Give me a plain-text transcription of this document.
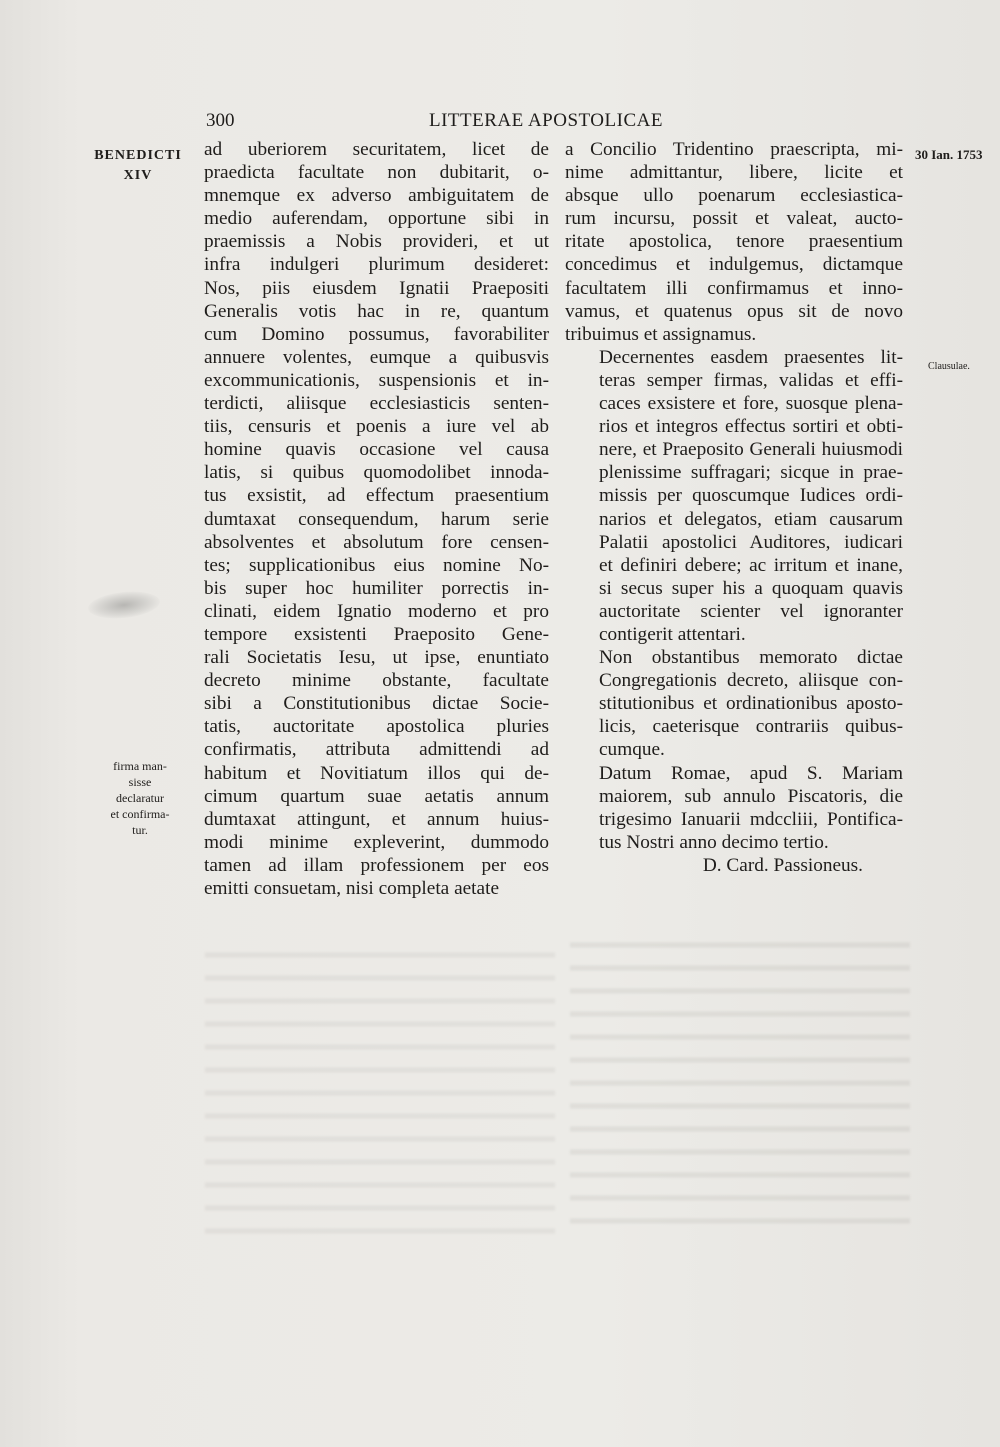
300	LITTERAE APOSTOLICAE
BENEDICTI
XIV
firma man-
sisse
declaratur
et confirma-
tur.
30 Ian. 1753
Clausulae.

ad uberiorem securitatem, licet de
praedicta facultate non dubitarit, o-
mnemque ex adverso ambiguitatem de
medio auferendam, opportune sibi in
praemissis a Nobis provideri, et ut
infra indulgeri plurimum desideret:
Nos, piis eiusdem Ignatii Praepositi
Generalis votis hac in re, quantum
cum Domino possumus, favorabiliter
annuere volentes, eumque a quibusvis
excommunicationis, suspensionis et in-
terdicti, aliisque ecclesiasticis senten-
tiis, censuris et poenis a iure vel ab
homine quavis occasione vel causa
latis, si quibus quomodolibet innoda-
tus exsistit, ad effectum praesentium
dumtaxat consequendum, harum serie
absolventes et absolutum fore censen-
tes; supplicationibus eius nomine No-
bis super hoc humiliter porrectis in-
clinati, eidem Ignatio moderno et pro
tempore exsistenti Praeposito Gene-
rali Societatis Iesu, ut ipse, enuntiato
decreto minime obstante, facultate
sibi a Constitutionibus dictae Socie-
tatis, auctoritate apostolica pluries
confirmatis, attributa admittendi ad
habitum et Novitiatum illos qui de-
cimum quartum suae aetatis annum
dumtaxat attingunt, et annum huius-
modi minime expleverint, dummodo
tamen ad illam professionem per eos
emitti consuetam, nisi completa aetate

a Concilio Tridentino praescripta, mi-
nime admittantur, libere, licite et
absque ullo poenarum ecclesiastica-
rum incursu, possit et valeat, aucto-
ritate apostolica, tenore praesentium
concedimus et indulgemus, dictamque
facultatem illi confirmamus et inno-
vamus, et quatenus opus sit de novo
tribuimus et assignamus.

Decernentes easdem praesentes lit-
teras semper firmas, validas et effi-
caces exsistere et fore, suosque plena-
rios et integros effectus sortiri et obti-
nere, et Praeposito Generali huiusmodi
plenissime suffragari; sicque in prae-
missis per quoscumque Iudices ordi-
narios et delegatos, etiam causarum
Palatii apostolici Auditores, iudicari
et definiri debere; ac irritum et inane,
si secus super his a quoquam quavis
auctoritate scienter vel ignoranter
contigerit attentari.

Non obstantibus memorato dictae
Congregationis decreto, aliisque con-
stitutionibus et ordinationibus aposto-
licis, caeterisque contrariis quibus-
cumque.

Datum Romae, apud S. Mariam
maiorem, sub annulo Piscatoris, die
trigesimo Ianuarii mdccliii, Pontifica-
tus Nostri anno decimo tertio.

D. Card. Passioneus.
